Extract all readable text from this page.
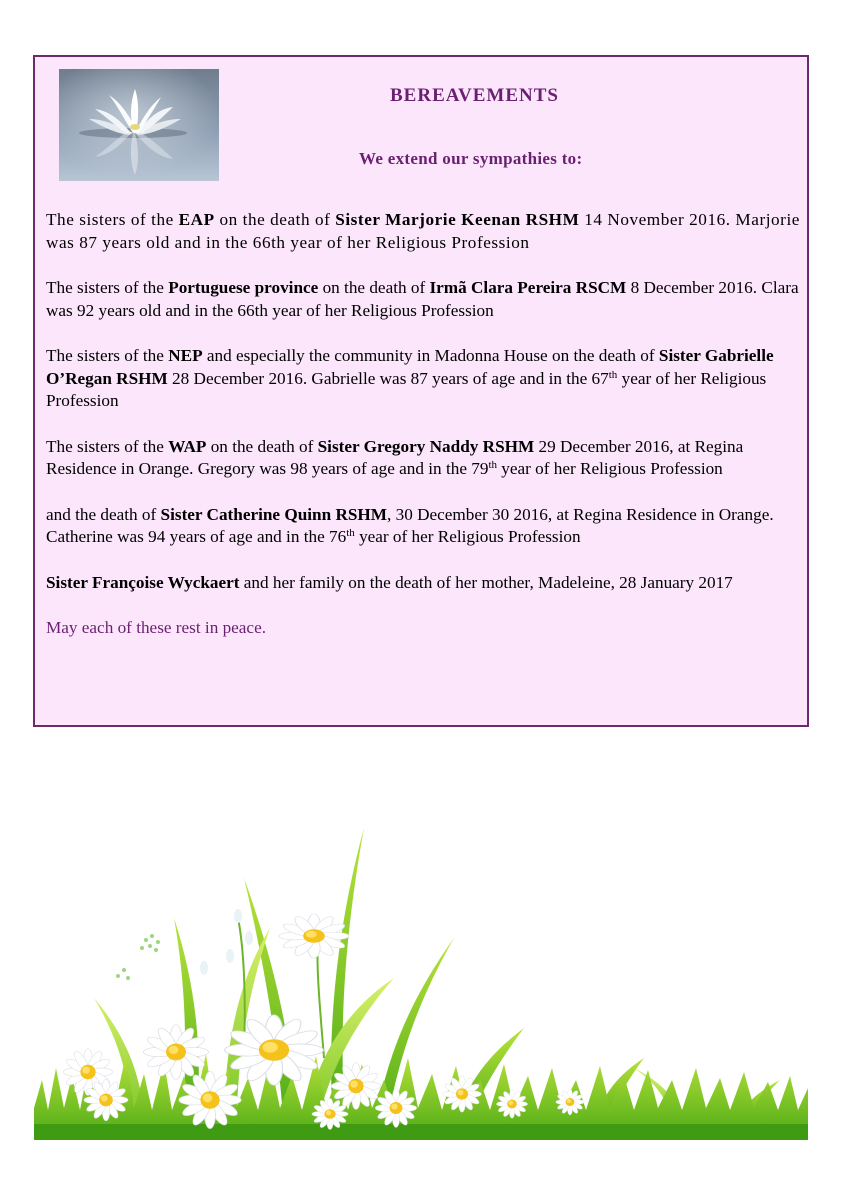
BEREAVEMENTS
We extend our sympathies to:

The sisters of the EAP on the death of Sister Marjorie Keenan RSHM 14 November 2016. Marjorie was 87 years old and in the 66th year of her Religious Profession

The sisters of the Portuguese province on the death of Irmã Clara Pereira RSCM 8 December 2016. Clara was 92 years old and in the 66th year of her Religious Profession

The sisters of the NEP and especially the community in Madonna House on the death of Sister Gabrielle O’Regan RSHM 28 December 2016. Gabrielle was 87 years of age and in the 67th year of her Religious Profession

The sisters of the WAP on the death of Sister Gregory Naddy RSHM 29 December 2016, at Regina Residence in Orange. Gregory was 98 years of age and in the 79th year of her Religious Profession

and the death of Sister Catherine Quinn RSHM, 30 December 30 2016, at Regina Residence in Orange. Catherine was 94 years of age and in the 76th year of her Religious Profession

Sister Françoise Wyckaert and her family on the death of her mother, Madeleine, 28 January 2017

May each of these rest in peace.
